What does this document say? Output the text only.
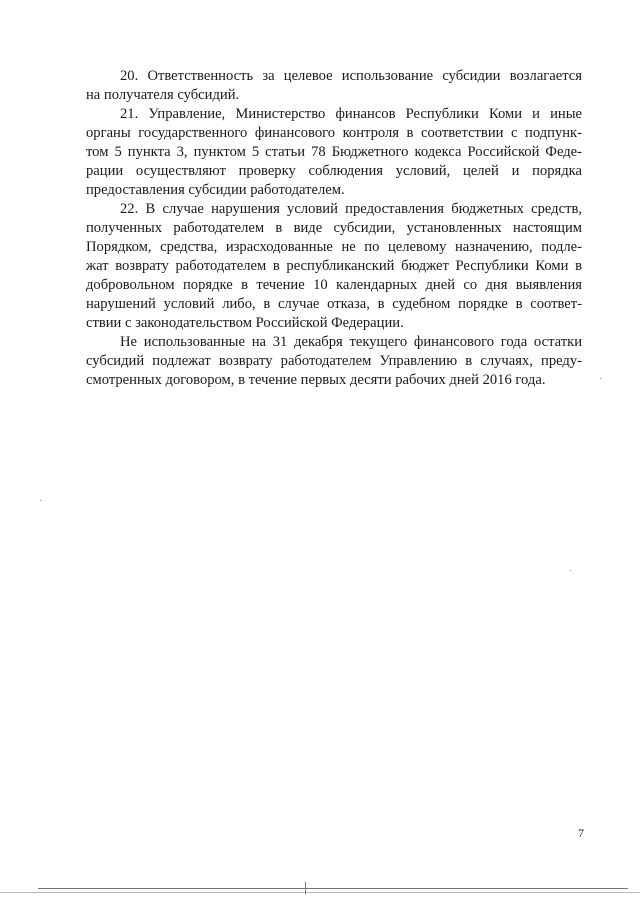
20. Ответственность за целевое использование субсидии возлагается
на получателя субсидий.
21. Управление, Министерство финансов Республики Коми и иные
органы государственного финансового контроля в соответствии с подпунк-
том 5 пункта 3, пунктом 5 статьи 78 Бюджетного кодекса Российской Феде-
рации осуществляют проверку соблюдения условий, целей и порядка
предоставления субсидии работодателем.
22. В случае нарушения условий предоставления бюджетных средств,
полученных работодателем в виде субсидии, установленных настоящим
Порядком, средства, израсходованные не по целевому назначению, подле-
жат возврату работодателем в республиканский бюджет Республики Коми в
добровольном порядке в течение 10 календарных дней со дня выявления
нарушений условий либо, в случае отказа, в судебном порядке в соответ-
ствии с законодательством Российской Федерации.
Не использованные на 31 декабря текущего финансового года остатки
субсидий подлежат возврату работодателем Управлению в случаях, преду-
смотренных договором, в течение первых десяти рабочих дней 2016 года.
7
